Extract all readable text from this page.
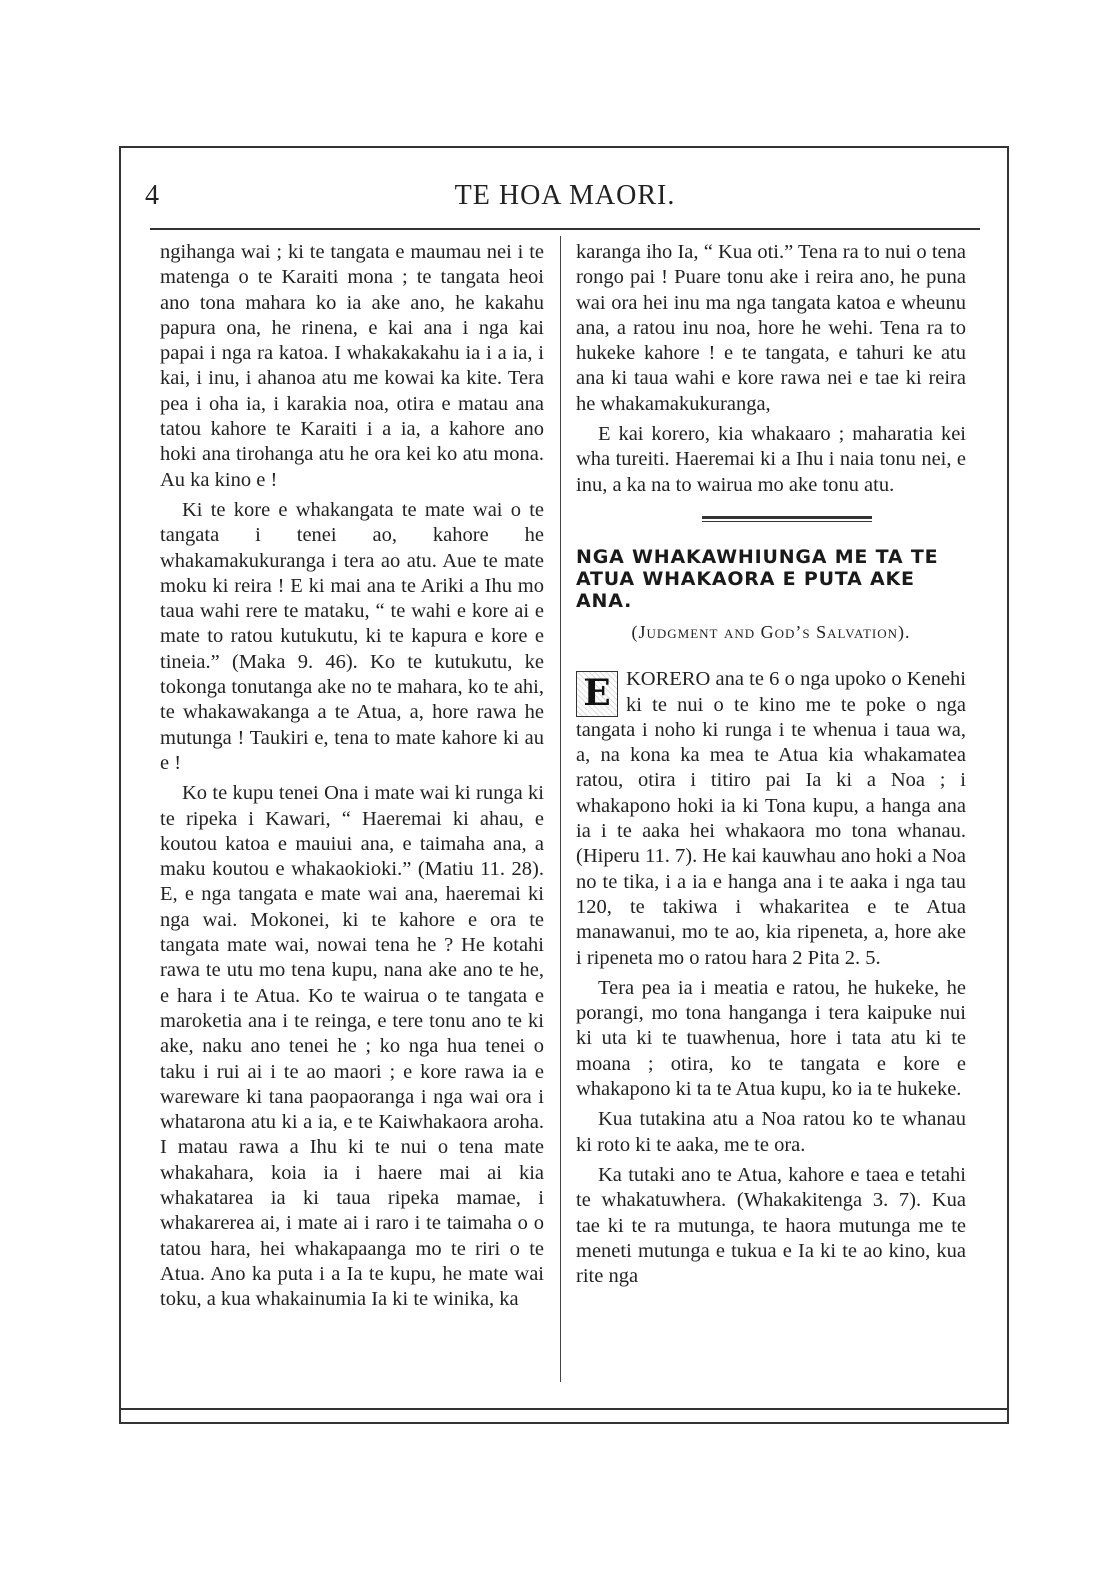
4	TE HOA MAORI.

ngihanga wai ; ki te tangata e maumau nei i te matenga o te Karaiti mona ; te tangata heoi ano tona mahara ko ia ake ano, he kakahu papura ona, he rinena, e kai ana i nga kai papai i nga ra katoa. I whakakakahu ia i a ia, i kai, i inu, i ahanoa atu me kowai ka kite. Tera pea i oha ia, i karakia noa, otira e matau ana tatou kahore te Karaiti i a ia, a kahore ano hoki ana tirohanga atu he ora kei ko atu mona. Au ka kino e !

Ki te kore e whakangata te mate wai o te tangata i tenei ao, kahore he whakamakukuranga i tera ao atu. Aue te mate moku ki reira ! E ki mai ana te Ariki a Ihu mo taua wahi rere te mataku, “ te wahi e kore ai e mate to ratou kutukutu, ki te kapura e kore e tineia.” (Maka 9. 46). Ko te kutukutu, ke tokonga tonutanga ake no te mahara, ko te ahi, te whakawakanga a te Atua, a, hore rawa he mutunga ! Taukiri e, tena to mate kahore ki au e !

Ko te kupu tenei Ona i mate wai ki runga ki te ripeka i Kawari, “ Haeremai ki ahau, e koutou katoa e mauiui ana, e taimaha ana, a maku koutou e whakaokioki.” (Matiu 11. 28). E, e nga tangata e mate wai ana, haeremai ki nga wai. Mokonei, ki te kahore e ora te tangata mate wai, nowai tena he ? He kotahi rawa te utu mo tena kupu, nana ake ano te he, e hara i te Atua. Ko te wairua o te tangata e maroketia ana i te reinga, e tere tonu ano te ki ake, naku ano tenei he ; ko nga hua tenei o taku i rui ai i te ao maori ; e kore rawa ia e wareware ki tana paopaoranga i nga wai ora i whatarona atu ki a ia, e te Kaiwhakaora aroha. I matau rawa a Ihu ki te nui o tena mate whakahara, koia ia i haere mai ai kia whakatarea ia ki taua ripeka mamae, i whakarerea ai, i mate ai i raro i te taimaha o o tatou hara, hei whakapaanga mo te riri o te Atua. Ano ka puta i a Ia te kupu, he mate wai toku, a kua whakainumia Ia ki te winika, ka

karanga iho Ia, “ Kua oti.” Tena ra to nui o tena rongo pai ! Puare tonu ake i reira ano, he puna wai ora hei inu ma nga tangata katoa e wheunu ana, a ratou inu noa, hore he wehi. Tena ra to hukeke kahore ! e te tangata, e tahuri ke atu ana ki taua wahi e kore rawa nei e tae ki reira he whakamakukuranga,

E kai korero, kia whakaaro ; maharatia kei wha tureiti. Haeremai ki a Ihu i naia tonu nei, e inu, a ka na to wairua mo ake tonu atu.

NGA WHAKAWHIUNGA ME TA TE ATUA WHAKAORA E PUTA AKE ANA.
(Judgment and God’s Salvation).

E KORERO ana te 6 o nga upoko o Kenehi ki te nui o te kino me te poke o nga tangata i noho ki runga i te whenua i taua wa, a, na kona ka mea te Atua kia whakamatea ratou, otira i titiro pai Ia ki a Noa ; i whakapono hoki ia ki Tona kupu, a hanga ana ia i te aaka hei whakaora mo tona whanau. (Hiperu 11. 7). He kai kauwhau ano hoki a Noa no te tika, i a ia e hanga ana i te aaka i nga tau 120, te takiwa i whakaritea e te Atua manawanui, mo te ao, kia ripeneta, a, hore ake i ripeneta mo o ratou hara 2 Pita 2. 5.

Tera pea ia i meatia e ratou, he hukeke, he porangi, mo tona hanganga i tera kaipuke nui ki uta ki te tuawhenua, hore i tata atu ki te moana ; otira, ko te tangata e kore e whakapono ki ta te Atua kupu, ko ia te hukeke.

Kua tutakina atu a Noa ratou ko te whanau ki roto ki te aaka, me te ora.

Ka tutaki ano te Atua, kahore e taea e tetahi te whakatuwhera. (Whakakitenga 3. 7). Kua tae ki te ra mutunga, te haora mutunga me te meneti mutunga e tukua e Ia ki te ao kino, kua rite nga
